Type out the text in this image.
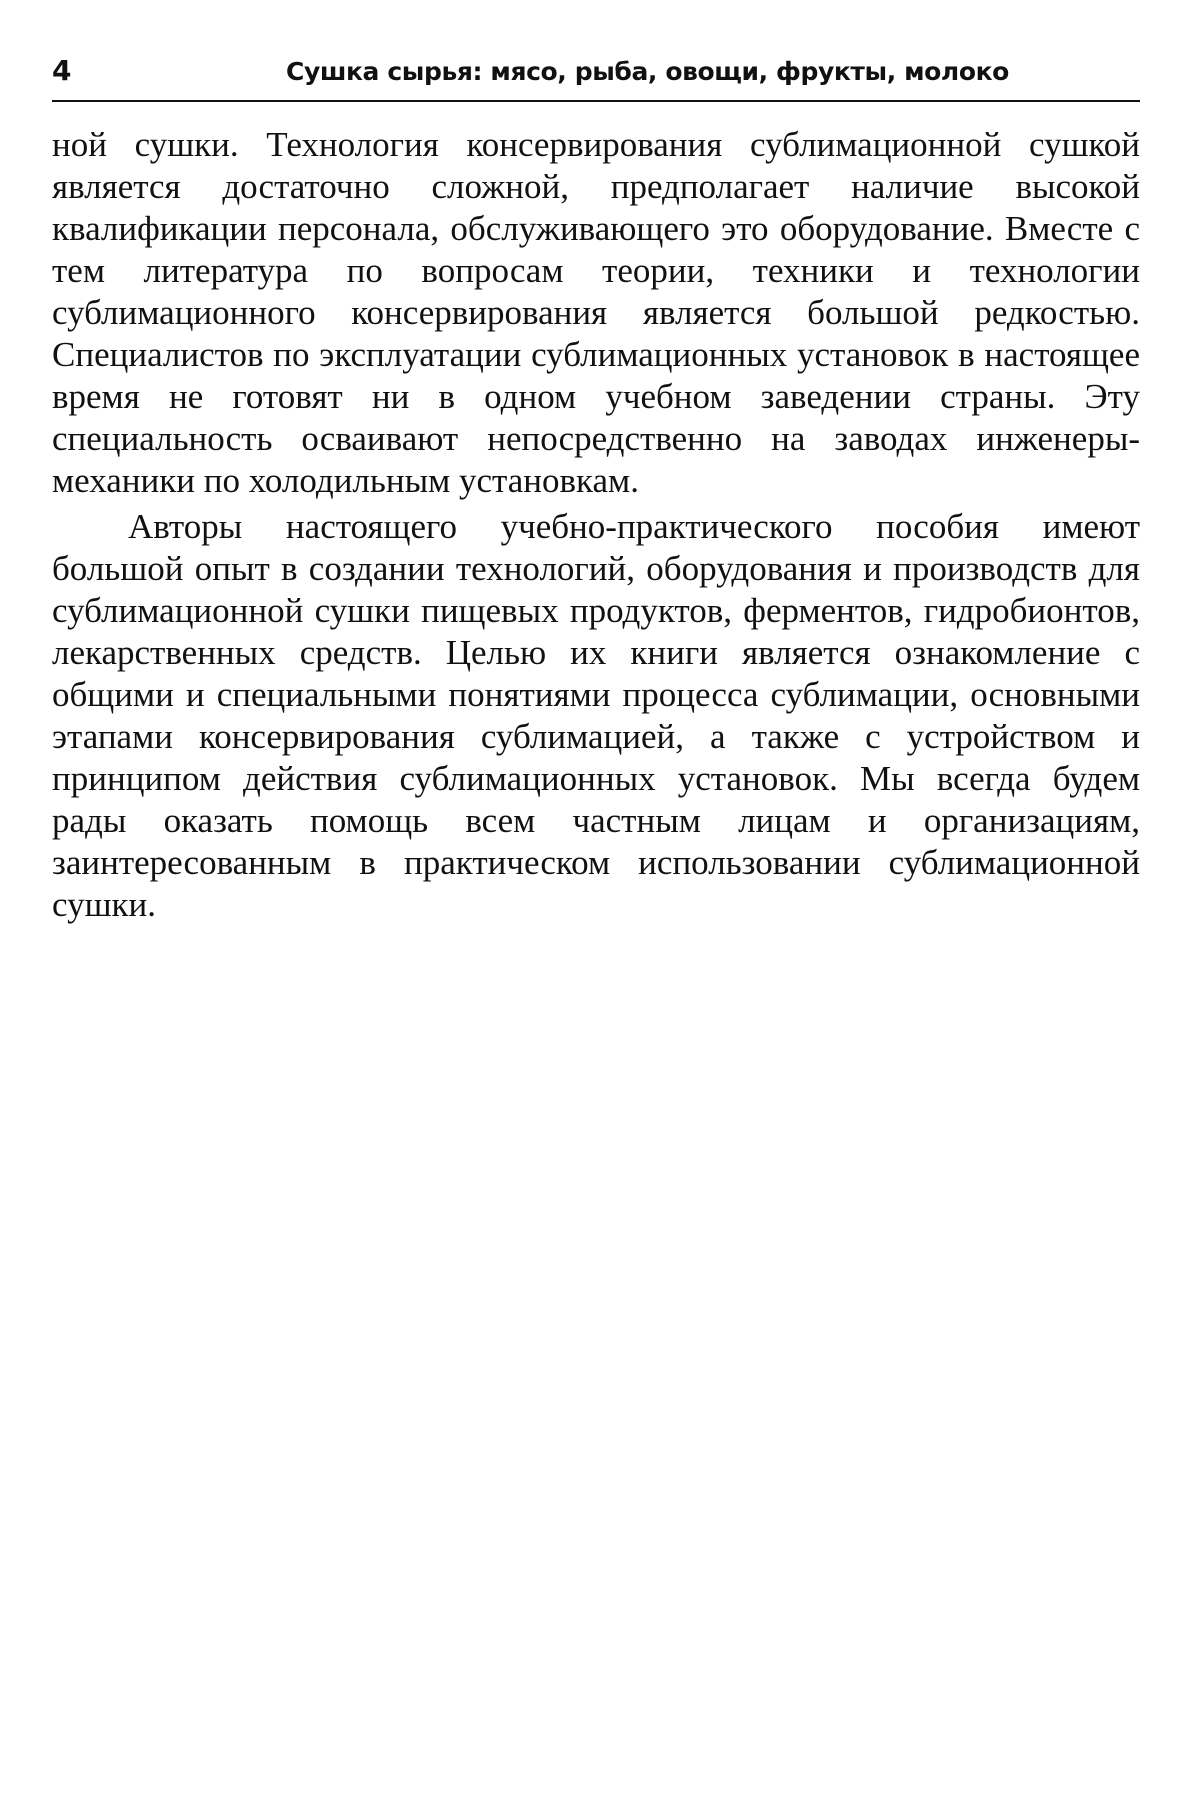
4	Сушка сырья: мясо, рыба, овощи, фрукты, молоко

ной сушки. Технология консервирования сублимационной сушкой является достаточно сложной, предполагает наличие высокой квалификации персонала, обслуживающего это оборудование. Вместе с тем литература по вопросам теории, техники и технологии сублимационного консервирования является большой редкостью. Специалистов по эксплуатации сублимационных установок в настоящее время не готовят ни в одном учебном заведении страны. Эту специальность осваивают непосредственно на заводах инженеры-механики по холодильным установкам.

Авторы настоящего учебно-практического пособия имеют большой опыт в создании технологий, оборудования и производств для сублимационной сушки пищевых продуктов, ферментов, гидробионтов, лекарственных средств. Целью их книги является ознакомление с общими и специальными понятиями процесса сублимации, основными этапами консервирования сублимацией, а также с устройством и принципом действия сублимационных установок. Мы всегда будем рады оказать помощь всем частным лицам и организациям, заинтересованным в практическом использовании сублимационной сушки.
